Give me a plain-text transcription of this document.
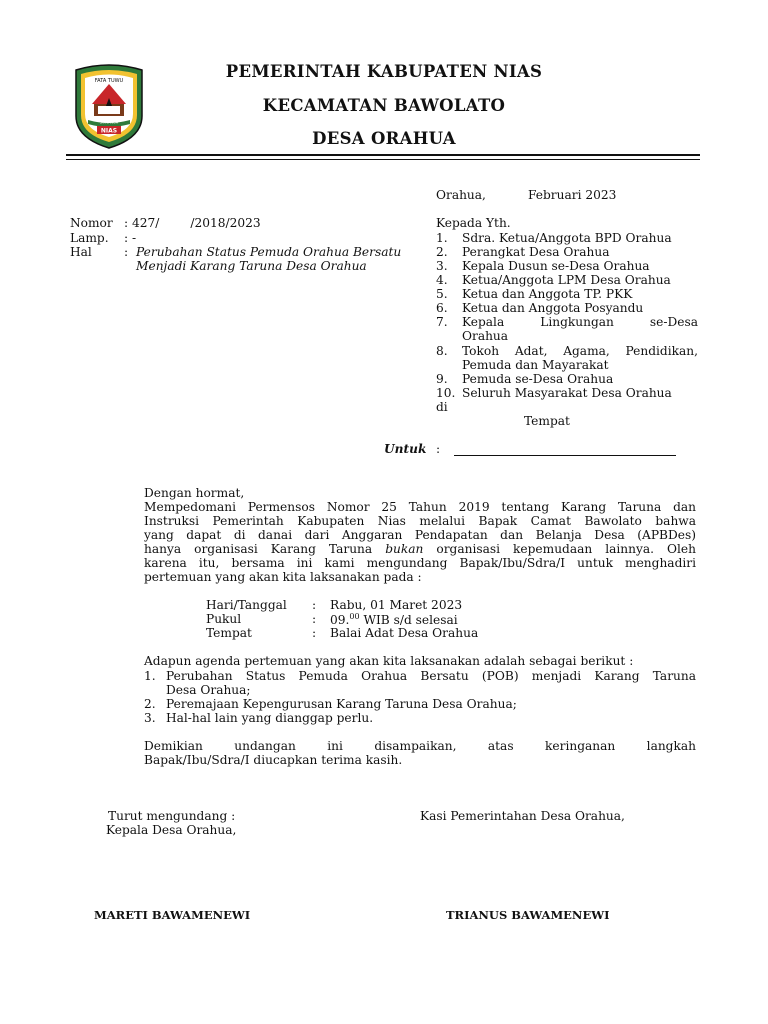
FATA TUWU
SOWANUA
NIAS
PEMERINTAH KABUPATEN NIAS
KECAMATAN BAWOLATO
DESA ORAHUA
Orahua,	Februari 2023
Nomor : 427/        /2018/2023
Lamp. : -
Hal	: Perubahan Status Pemuda Orahua Bersatu
Menjadi Karang Taruna Desa Orahua
Kepada Yth.
1. Sdra. Ketua/Anggota BPD Orahua
2. Perangkat Desa Orahua
3. Kepala Dusun se-Desa Orahua
4. Ketua/Anggota LPM Desa Orahua
5. Ketua dan Anggota TP. PKK
6. Ketua dan Anggota Posyandu
7. Kepala Lingkungan se-Desa
Orahua
8. Tokoh Adat, Agama, Pendidikan,
Pemuda dan Mayarakat
9. Pemuda se-Desa Orahua
10. Seluruh Masyarakat Desa Orahua
di
Tempat
Untuk :
Dengan hormat,
Mempedomani Permensos Nomor 25 Tahun 2019 tentang Karang Taruna dan
Instruksi Pemerintah Kabupaten Nias melalui Bapak Camat Bawolato bahwa
yang dapat di danai dari Anggaran Pendapatan dan Belanja Desa (APBDes)
hanya organisasi Karang Taruna bukan organisasi kepemudaan lainnya. Oleh
karena itu, bersama ini kami mengundang Bapak/Ibu/Sdra/I untuk menghadiri
pertemuan yang akan kita laksanakan pada :
Hari/Tanggal : Rabu, 01 Maret 2023
Pukul	: 09.00 WIB s/d selesai
Tempat	: Balai Adat Desa Orahua
Adapun agenda pertemuan yang akan kita laksanakan adalah sebagai berikut :
1. Perubahan Status Pemuda Orahua Bersatu (POB) menjadi Karang Taruna
Desa Orahua;
2. Peremajaan Kepengurusan Karang Taruna Desa Orahua;
3. Hal-hal lain yang dianggap perlu.
Demikian undangan ini disampaikan, atas keringanan langkah
Bapak/Ibu/Sdra/I diucapkan terima kasih.
Turut mengundang :
Kepala Desa Orahua,
Kasi Pemerintahan Desa Orahua,
MARETI BAWAMENEWI	TRIANUS BAWAMENEWI
